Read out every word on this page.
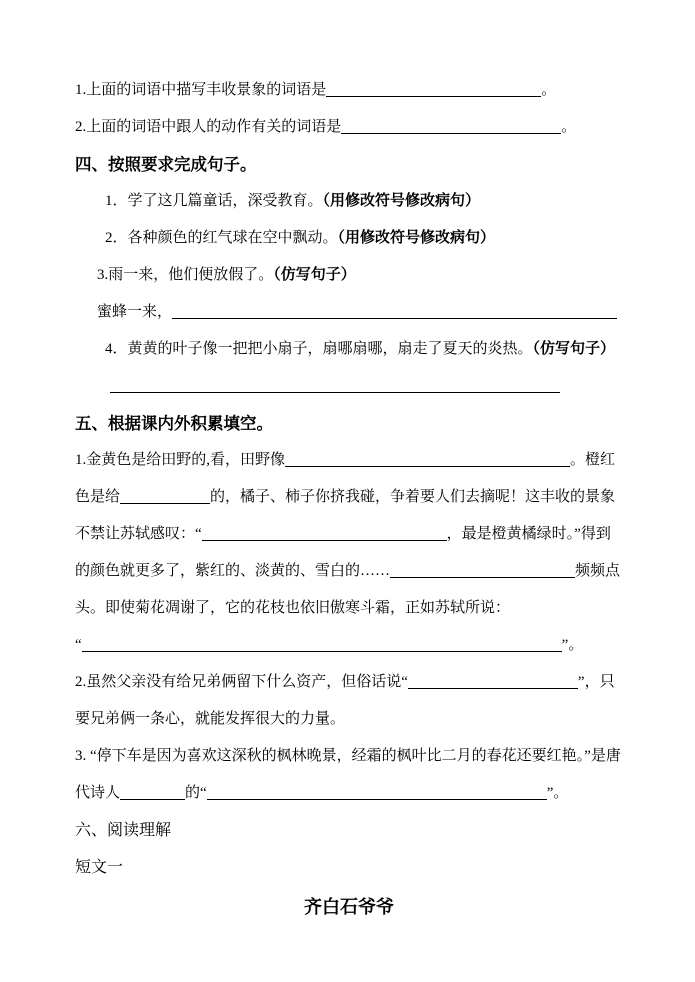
1.上面的词语中描写丰收景象的词语是	。

2.上面的词语中跟人的动作有关的词语是	。

四、按照要求完成句子。

1．学了这几篇童话，深受教育。（用修改符号修改病句）

2．各种颜色的红气球在空中飘动。（用修改符号修改病句）

3.雨一来，他们便放假了。（仿写句子）

蜜蜂一来，

4．黄黄的叶子像一把把小扇子，扇哪扇哪，扇走了夏天的炎热。（仿写句子）

五、根据课内外积累填空。

1.金黄色是给田野的,看，田野像	。橙红色是给	的，橘子、柿子你挤我碰，争着要人们去摘呢！这丰收的景象不禁让苏轼感叹：“	，最是橙黄橘绿时。”得到的颜色就更多了，紫红的、淡黄的、雪白的……	频频点头。即使菊花凋谢了，它的花枝也依旧傲寒斗霜，正如苏轼所说：
“	”。

2.虽然父亲没有给兄弟俩留下什么资产，但俗话说“	”，只要兄弟俩一条心，就能发挥很大的力量。

3. “停下车是因为喜欢这深秋的枫林晚景，经霜的枫叶比二月的春花还要红艳。”是唐代诗人	的“	”。

六、阅读理解

短文一

齐白石爷爷
